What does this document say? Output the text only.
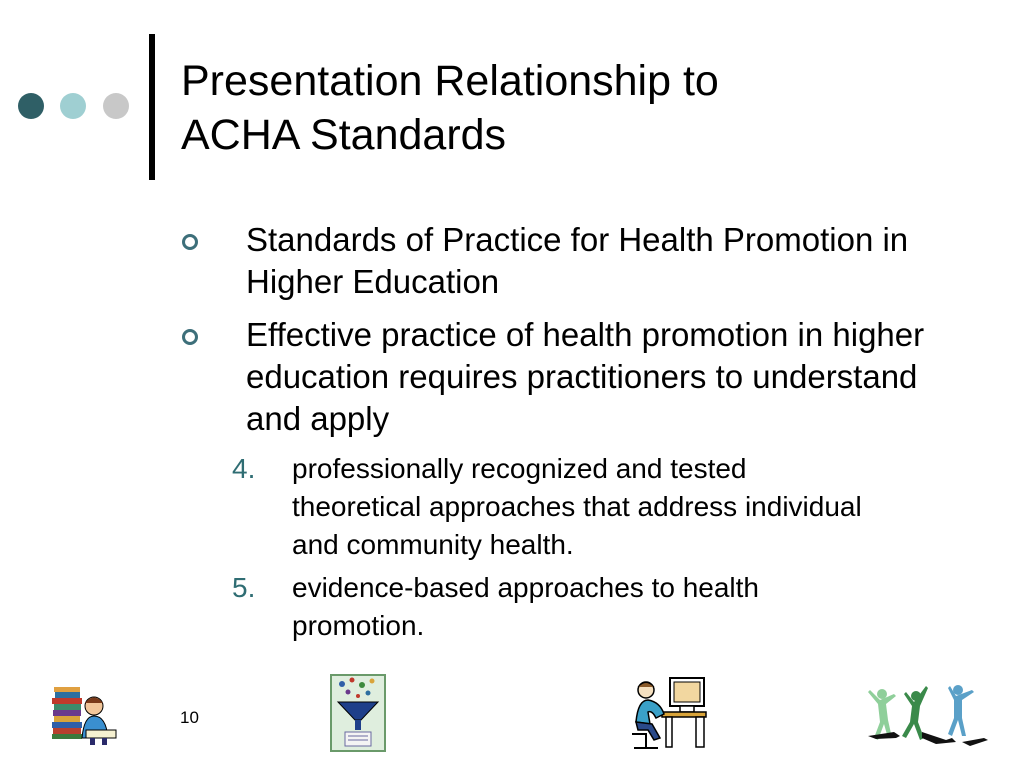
Presentation Relationship to
ACHA Standards
Standards of Practice for Health Promotion in Higher Education
Effective practice of health promotion in higher education requires practitioners to understand and apply
4. professionally recognized and tested theoretical approaches that address individual and community health.
5. evidence-based approaches to health promotion.
10
